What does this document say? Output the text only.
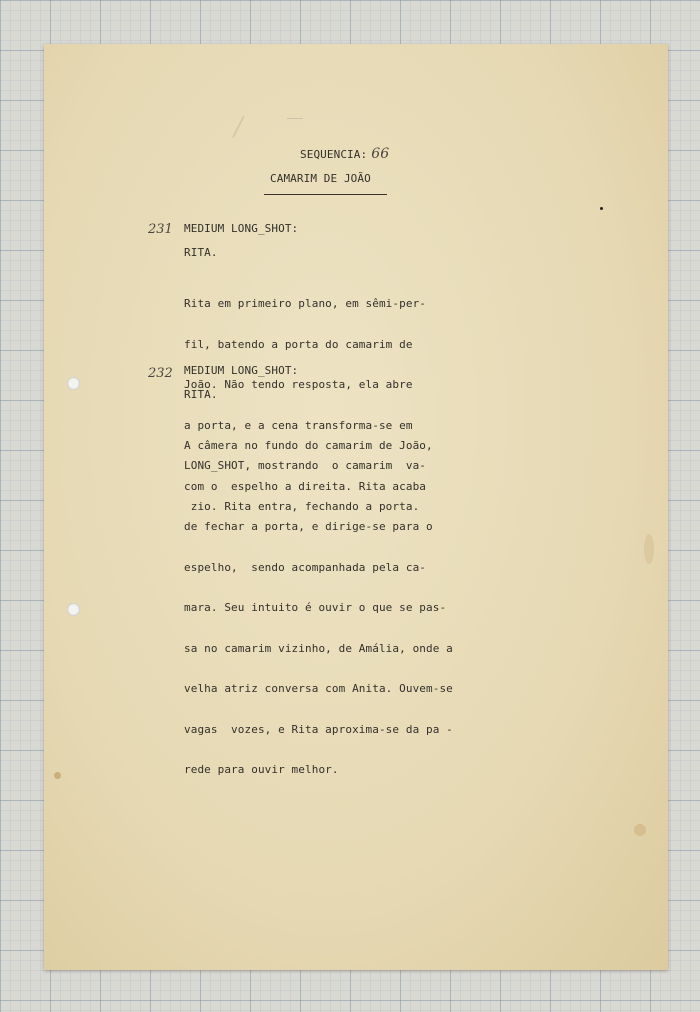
/
SEQUENCIA: 66
CAMARIM DE JOÃO
231 MEDIUM LONG_SHOT:
RITA.

Rita em primeiro plano, em sêmi-per-

fil, batendo a porta do camarim de

João. Não tendo resposta, ela abre

a porta, e a cena transforma-se em

LONG_SHOT, mostrando  o camarim  va-

zio. Rita entra, fechando a porta.

232 MEDIUM LONG_SHOT:
RITA.

A câmera no fundo do camarim de João,

com o  espelho a direita. Rita acaba

de fechar a porta, e dirige-se para o

espelho,  sendo acompanhada pela ca-

mara. Seu intuito é ouvir o que se pas-

sa no camarim vizinho, de Amália, onde a

velha atriz conversa com Anita. Ouvem-se

vagas  vozes, e Rita aproxima-se da pa -

rede para ouvir melhor.
